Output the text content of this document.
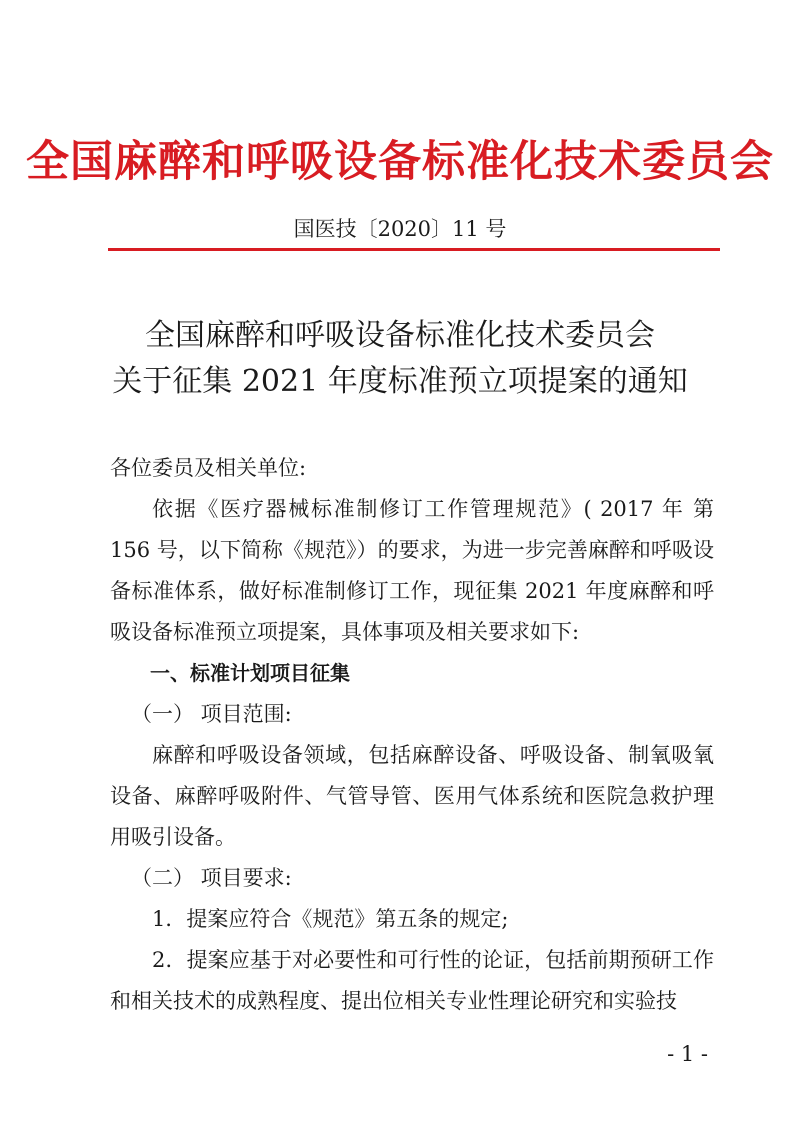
全国麻醉和呼吸设备标准化技术委员会
国医技〔2020〕11 号
全国麻醉和呼吸设备标准化技术委员会
关于征集 2021 年度标准预立项提案的通知

各位委员及相关单位:

依据《医疗器械标准制修订工作管理规范》( 2017 年 第 156 号，以下简称《规范》）的要求，为进一步完善麻醉和呼吸设备标准体系，做好标准制修订工作，现征集 2021 年度麻醉和呼吸设备标准预立项提案，具体事项及相关要求如下:

一、标准计划项目征集

（一） 项目范围:

麻醉和呼吸设备领域，包括麻醉设备、呼吸设备、制氧吸氧设备、麻醉呼吸附件、气管导管、医用气体系统和医院急救护理用吸引设备。

（二） 项目要求:

1．提案应符合《规范》第五条的规定;

2．提案应基于对必要性和可行性的论证，包括前期预研工作和相关技术的成熟程度、提出位相关专业性理论研究和实验技

- 1 -
